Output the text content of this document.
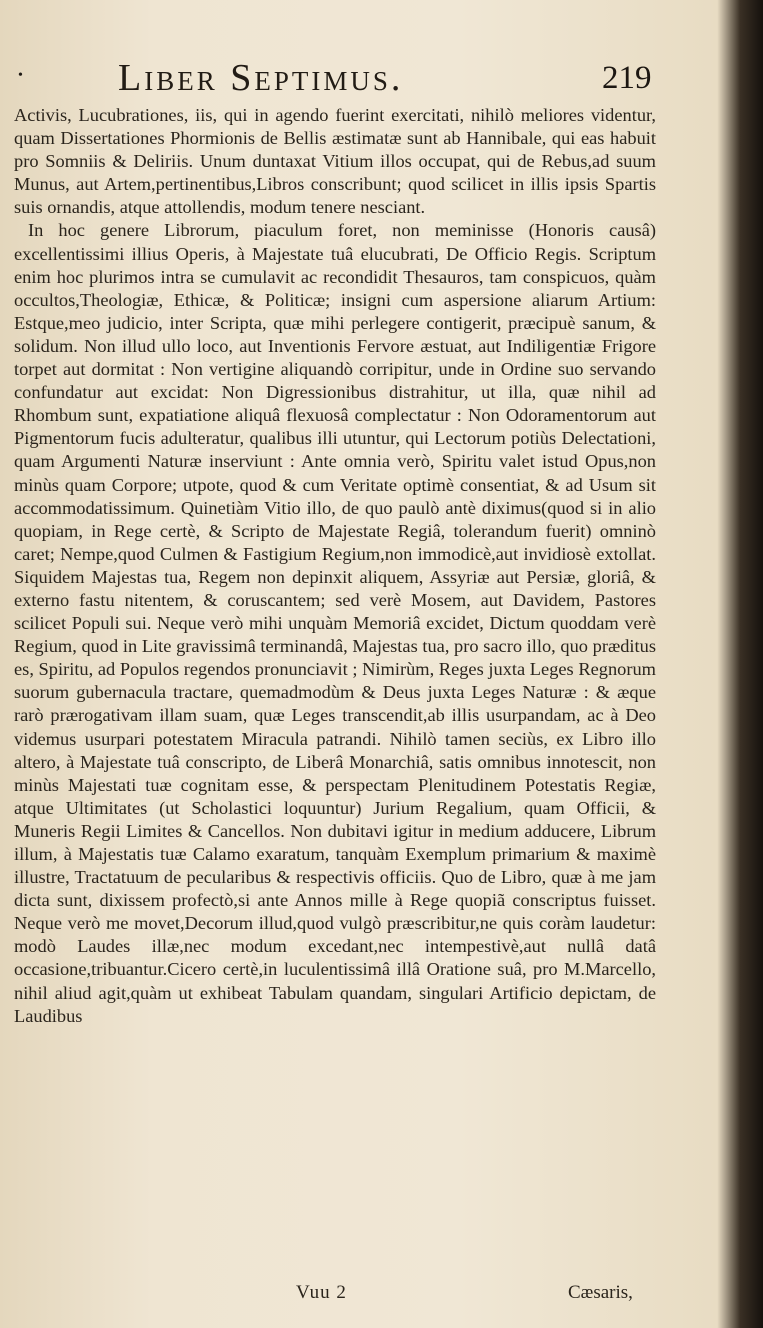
•	Liber Septimus.	219

Activis, Lucubrationes, iis, qui in agendo fuerint exercitati, nihilò meliores videntur, quam Dissertationes Phormionis de Bellis æstimatæ sunt ab Hannibale, qui eas habuit pro Somniis & Deliriis. Unum duntaxat Vitium illos occupat, qui de Rebus,ad suum Munus, aut Artem,pertinentibus,Libros conscribunt; quod scilicet in illis ipsis Spartis suis ornandis, atque attollendis, modum tenere nesciant.

In hoc genere Librorum, piaculum foret, non meminisse (Honoris causâ) excellentissimi illius Operis, à Majestate tuâ elucubrati, De Officio Regis. Scriptum enim hoc plurimos intra se cumulavit ac recondidit Thesauros, tam conspicuos, quàm occultos,Theologiæ, Ethicæ, & Politicæ; insigni cum aspersione aliarum Artium: Estque,meo judicio, inter Scripta, quæ mihi perlegere contigerit, præcipuè sanum, & solidum. Non illud ullo loco, aut Inventionis Fervore æstuat, aut Indiligentiæ Frigore torpet aut dormitat : Non vertigine aliquandò corripitur, unde in Ordine suo servando confundatur aut excidat: Non Digressionibus distrahitur, ut illa, quæ nihil ad Rhombum sunt, expatiatione aliquâ flexuosâ complectatur : Non Odoramentorum aut Pigmentorum fucis adulteratur, qualibus illi utuntur, qui Lectorum potiùs Delectationi, quam Argumenti Naturæ inserviunt : Ante omnia verò, Spiritu valet istud Opus,non minùs quam Corpore; utpote, quod & cum Veritate optimè consentiat, & ad Usum sit accommodatissimum. Quinetiàm Vitio illo, de quo paulò antè diximus(quod si in alio quopiam, in Rege certè, & Scripto de Majestate Regiâ, tolerandum fuerit) omninò caret; Nempe,quod Culmen & Fastigium Regium,non immodicè,aut invidiosè extollat. Siquidem Majestas tua, Regem non depinxit aliquem, Assyriæ aut Persiæ, gloriâ, & externo fastu nitentem, & coruscantem; sed verè Mosem, aut Davidem, Pastores scilicet Populi sui. Neque verò mihi unquàm Memoriâ excidet, Dictum quoddam verè Regium, quod in Lite gravissimâ terminandâ, Majestas tua, pro sacro illo, quo præditus es, Spiritu, ad Populos regendos pronunciavit ; Nimirùm, Reges juxta Leges Regnorum suorum gubernacula tractare, quemadmodùm & Deus juxta Leges Naturæ : & æque rarò prærogativam illam suam, quæ Leges transcendit,ab illis usurpandam, ac à Deo videmus usurpari potestatem Miracula patrandi. Nihilò tamen seciùs, ex Libro illo altero, à Majestate tuâ conscripto, de Liberâ Monarchiâ, satis omnibus innotescit, non minùs Majestati tuæ cognitam esse, & perspectam Plenitudinem Potestatis Regiæ, atque Ultimitates (ut Scholastici loquuntur) Jurium Regalium, quam Officii, & Muneris Regii Limites & Cancellos. Non dubitavi igitur in medium adducere, Librum illum, à Majestatis tuæ Calamo exaratum, tanquàm Exemplum primarium & maximè illustre, Tractatuum de pecularibus & respectivis officiis. Quo de Libro, quæ à me jam dicta sunt, dixissem profectò,si ante Annos mille à Rege quopiã conscriptus fuisset. Neque verò me movet,Decorum illud,quod vulgò præscribitur,ne quis coràm laudetur: modò Laudes illæ,nec modum excedant,nec intempestivè,aut nullâ datâ occasione,tribuantur.Cicero certè,in luculentissimâ illâ Oratione suâ, pro M.Marcello, nihil aliud agit,quàm ut exhibeat Tabulam quandam, singulari Artificio depictam, de Laudibus

Vuu 2	Cæsaris,
